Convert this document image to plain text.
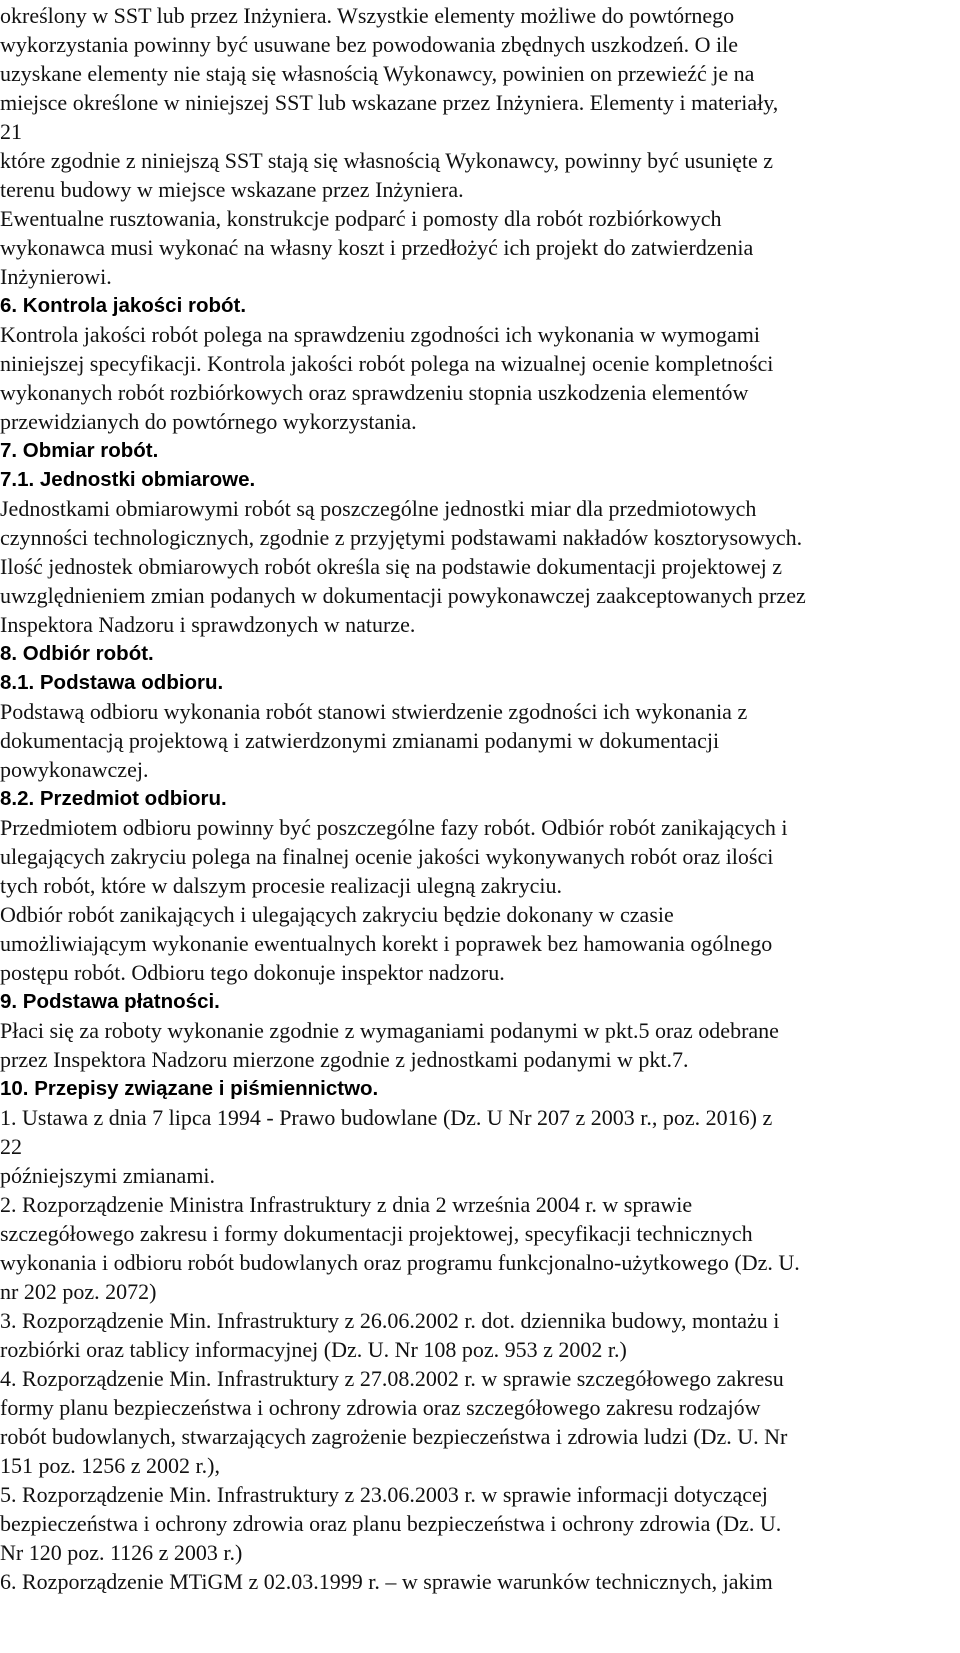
określony w SST lub przez Inżyniera. Wszystkie elementy możliwe do powtórnego
wykorzystania powinny być usuwane bez powodowania zbędnych uszkodzeń. O ile
uzyskane elementy nie stają się własnością Wykonawcy, powinien on przewieźć je na
miejsce określone w niniejszej SST lub wskazane przez Inżyniera. Elementy i materiały,
21
które zgodnie z niniejszą SST stają się własnością Wykonawcy, powinny być usunięte z
terenu budowy w miejsce wskazane przez Inżyniera.
Ewentualne rusztowania, konstrukcje podparć i pomosty dla robót rozbiórkowych
wykonawca musi wykonać na własny koszt i przedłożyć ich projekt do zatwierdzenia
Inżynierowi.
6. Kontrola jakości robót.
Kontrola jakości robót polega na sprawdzeniu zgodności ich wykonania w wymogami
niniejszej specyfikacji. Kontrola jakości robót polega na wizualnej ocenie kompletności
wykonanych robót rozbiórkowych oraz sprawdzeniu stopnia uszkodzenia elementów
przewidzianych do powtórnego wykorzystania.
7. Obmiar robót.
7.1. Jednostki obmiarowe.
Jednostkami obmiarowymi robót są poszczególne jednostki miar dla przedmiotowych
czynności technologicznych, zgodnie z przyjętymi podstawami nakładów kosztorysowych.
Ilość jednostek obmiarowych robót określa się na podstawie dokumentacji projektowej z
uwzględnieniem zmian podanych w dokumentacji powykonawczej zaakceptowanych przez
Inspektora Nadzoru i sprawdzonych w naturze.
8. Odbiór robót.
8.1. Podstawa odbioru.
Podstawą odbioru wykonania robót stanowi stwierdzenie zgodności ich wykonania z
dokumentacją projektową i zatwierdzonymi zmianami podanymi w dokumentacji
powykonawczej.
8.2. Przedmiot odbioru.
Przedmiotem odbioru powinny być poszczególne fazy robót. Odbiór robót zanikających i
ulegających zakryciu polega na finalnej ocenie jakości wykonywanych robót oraz ilości
tych robót, które w dalszym procesie realizacji ulegną zakryciu.
Odbiór robót zanikających i ulegających zakryciu będzie dokonany w czasie
umożliwiającym wykonanie ewentualnych korekt i poprawek bez hamowania ogólnego
postępu robót. Odbioru tego dokonuje inspektor nadzoru.
9. Podstawa płatności.
Płaci się za roboty wykonanie zgodnie z wymaganiami podanymi w pkt.5 oraz odebrane
przez Inspektora Nadzoru mierzone zgodnie z jednostkami podanymi w pkt.7.
10. Przepisy związane i piśmiennictwo.
1. Ustawa z dnia 7 lipca 1994 - Prawo budowlane (Dz. U Nr 207 z 2003 r., poz. 2016) z
22
późniejszymi zmianami.
2. Rozporządzenie Ministra Infrastruktury z dnia 2 września 2004 r. w sprawie
szczegółowego zakresu i formy dokumentacji projektowej, specyfikacji technicznych
wykonania i odbioru robót budowlanych oraz programu funkcjonalno-użytkowego (Dz. U.
nr 202 poz. 2072)
3. Rozporządzenie Min. Infrastruktury z 26.06.2002 r. dot. dziennika budowy, montażu i
rozbiórki oraz tablicy informacyjnej (Dz. U. Nr 108 poz. 953 z 2002 r.)
4. Rozporządzenie Min. Infrastruktury z 27.08.2002 r. w sprawie szczegółowego zakresu
formy planu bezpieczeństwa i ochrony zdrowia oraz szczegółowego zakresu rodzajów
robót budowlanych, stwarzających zagrożenie bezpieczeństwa i zdrowia ludzi (Dz. U. Nr
151 poz. 1256 z 2002 r.),
5. Rozporządzenie Min. Infrastruktury z 23.06.2003 r. w sprawie informacji dotyczącej
bezpieczeństwa i ochrony zdrowia oraz planu bezpieczeństwa i ochrony zdrowia (Dz. U.
Nr 120 poz. 1126 z 2003 r.)
6. Rozporządzenie MTiGM z 02.03.1999 r. – w sprawie warunków technicznych, jakim
